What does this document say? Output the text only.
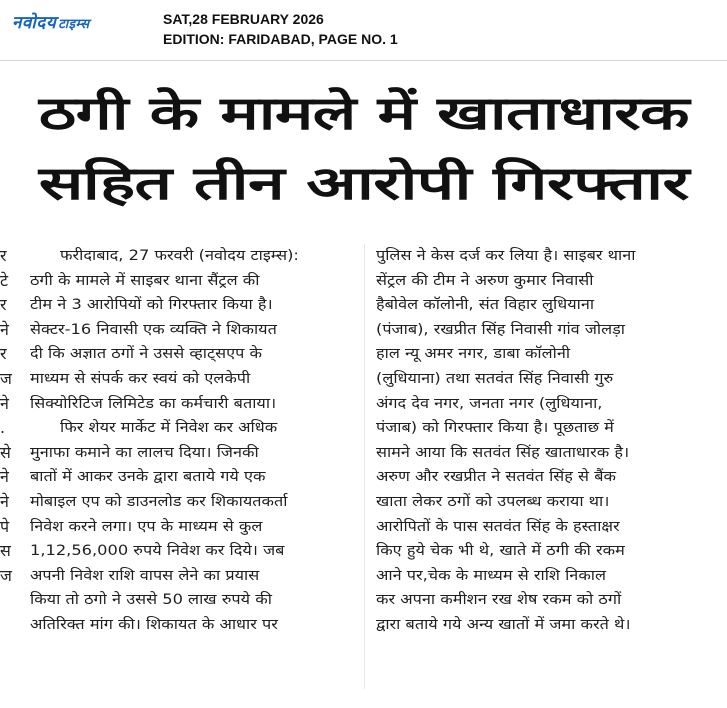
नवोदय टाइम्स	SAT,28 FEBRUARY 2026
EDITION: FARIDABAD, PAGE NO. 1
ठगी के मामले में खाताधारक
सहित तीन आरोपी गिरफ्तार
र
टे
र
ने
र
ज
ने
.
से
ने
ने
पे
स
ज
फरीदाबाद, 27 फरवरी (नवोदय टाइम्स):
ठगी के मामले में साइबर थाना सैंट्रल की
टीम ने 3 आरोपियों को गिरफ्तार किया है।
सेक्टर-16 निवासी एक व्यक्ति ने शिकायत
दी कि अज्ञात ठगों ने उससे व्हाट्सएप के
माध्यम से संपर्क कर स्वयं को एलकेपी
सिक्योरिटिज लिमिटेड का कर्मचारी बताया।
फिर शेयर मार्केट में निवेश कर अधिक
मुनाफा कमाने का लालच दिया। जिनकी
बातों में आकर उनके द्वारा बताये गये एक
मोबाइल एप को डाउनलोड कर शिकायतकर्ता
निवेश करने लगा। एप के माध्यम से कुल
1,12,56,000 रुपये निवेश कर दिये। जब
अपनी निवेश राशि वापस लेने का प्रयास
किया तो ठगो ने उससे 50 लाख रुपये की
अतिरिक्त मांग की। शिकायत के आधार पर
पुलिस ने केस दर्ज कर लिया है। साइबर थाना
सेंट्रल की टीम ने अरुण कुमार निवासी
हैबोवेल कॉलोनी, संत विहार लुधियाना
(पंजाब), रखप्रीत सिंह निवासी गांव जोलड़ा
हाल न्यू अमर नगर, डाबा कॉलोनी
(लुधियाना) तथा सतवंत सिंह निवासी गुरु
अंगद देव नगर, जनता नगर (लुधियाना,
पंजाब) को गिरफ्तार किया है। पूछताछ में
सामने आया कि सतवंत सिंह खाताधारक है।
अरुण और रखप्रीत ने सतवंत सिंह से बैंक
खाता लेकर ठगों को उपलब्ध कराया था।
आरोपितों के पास सतवंत सिंह के हस्ताक्षर
किए हुये चेक भी थे, खाते में ठगी की रकम
आने पर,चेक के माध्यम से राशि निकाल
कर अपना कमीशन रख शेष रकम को ठगों
द्वारा बताये गये अन्य खातों में जमा करते थे।
